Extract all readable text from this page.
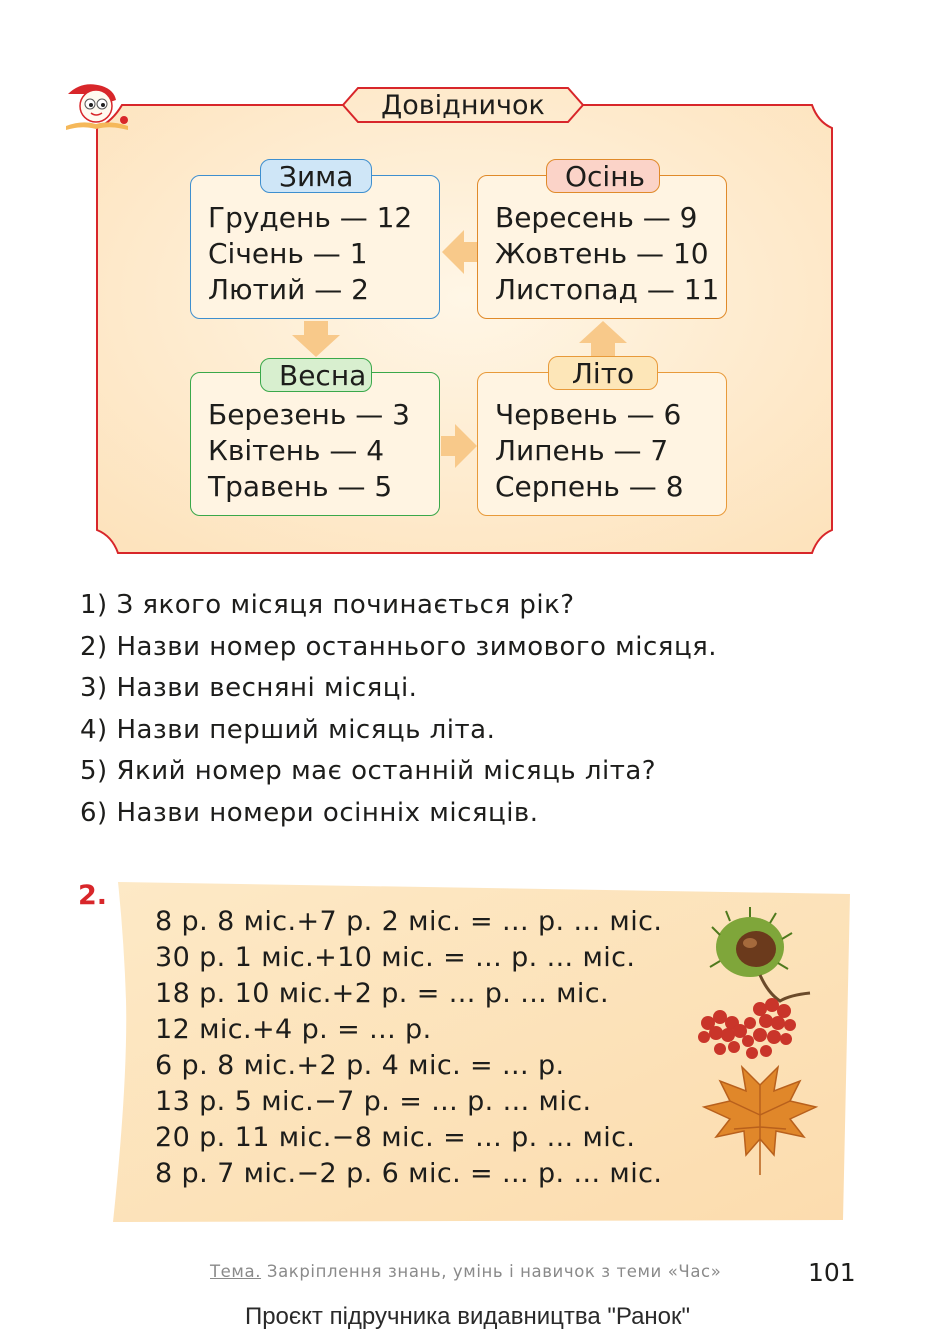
Довідничок
Грудень — 12
Січень — 1
Лютий — 2
Зима
Вересень — 9
Жовтень — 10
Листопад — 11
Осінь
Березень — 3
Квітень — 4
Травень — 5
Весна
Червень — 6
Липень — 7
Серпень — 8
Літо
1) З якого місяця починається рік?
2) Назви номер останнього зимового місяця.
3) Назви весняні місяці.
4) Назви перший місяць літа.
5) Який номер має останній місяць літа?
6) Назви номери осінніх місяців.
2.
8 р. 8 міс.+7 р. 2 міс. = ... р. ... міс.
30 р. 1 міс.+10 міс. = ... р. ... міс.
18 р. 10 міс.+2 р. = ... р. ... міс.
12 міс.+4 р. = ... р.
6 р. 8 міс.+2 р. 4 міс. = ... р.
13 р. 5 міс.−7 р. = ... р. ... міс.
20 р. 11 міс.−8 міс. = ... р. ... міс.
8 р. 7 міс.−2 р. 6 міс. = ... р. ... міс.
Тема. Закріплення знань, умінь і навичок з теми «Час»	101
Проєкт підручника видавництва "Ранок"
